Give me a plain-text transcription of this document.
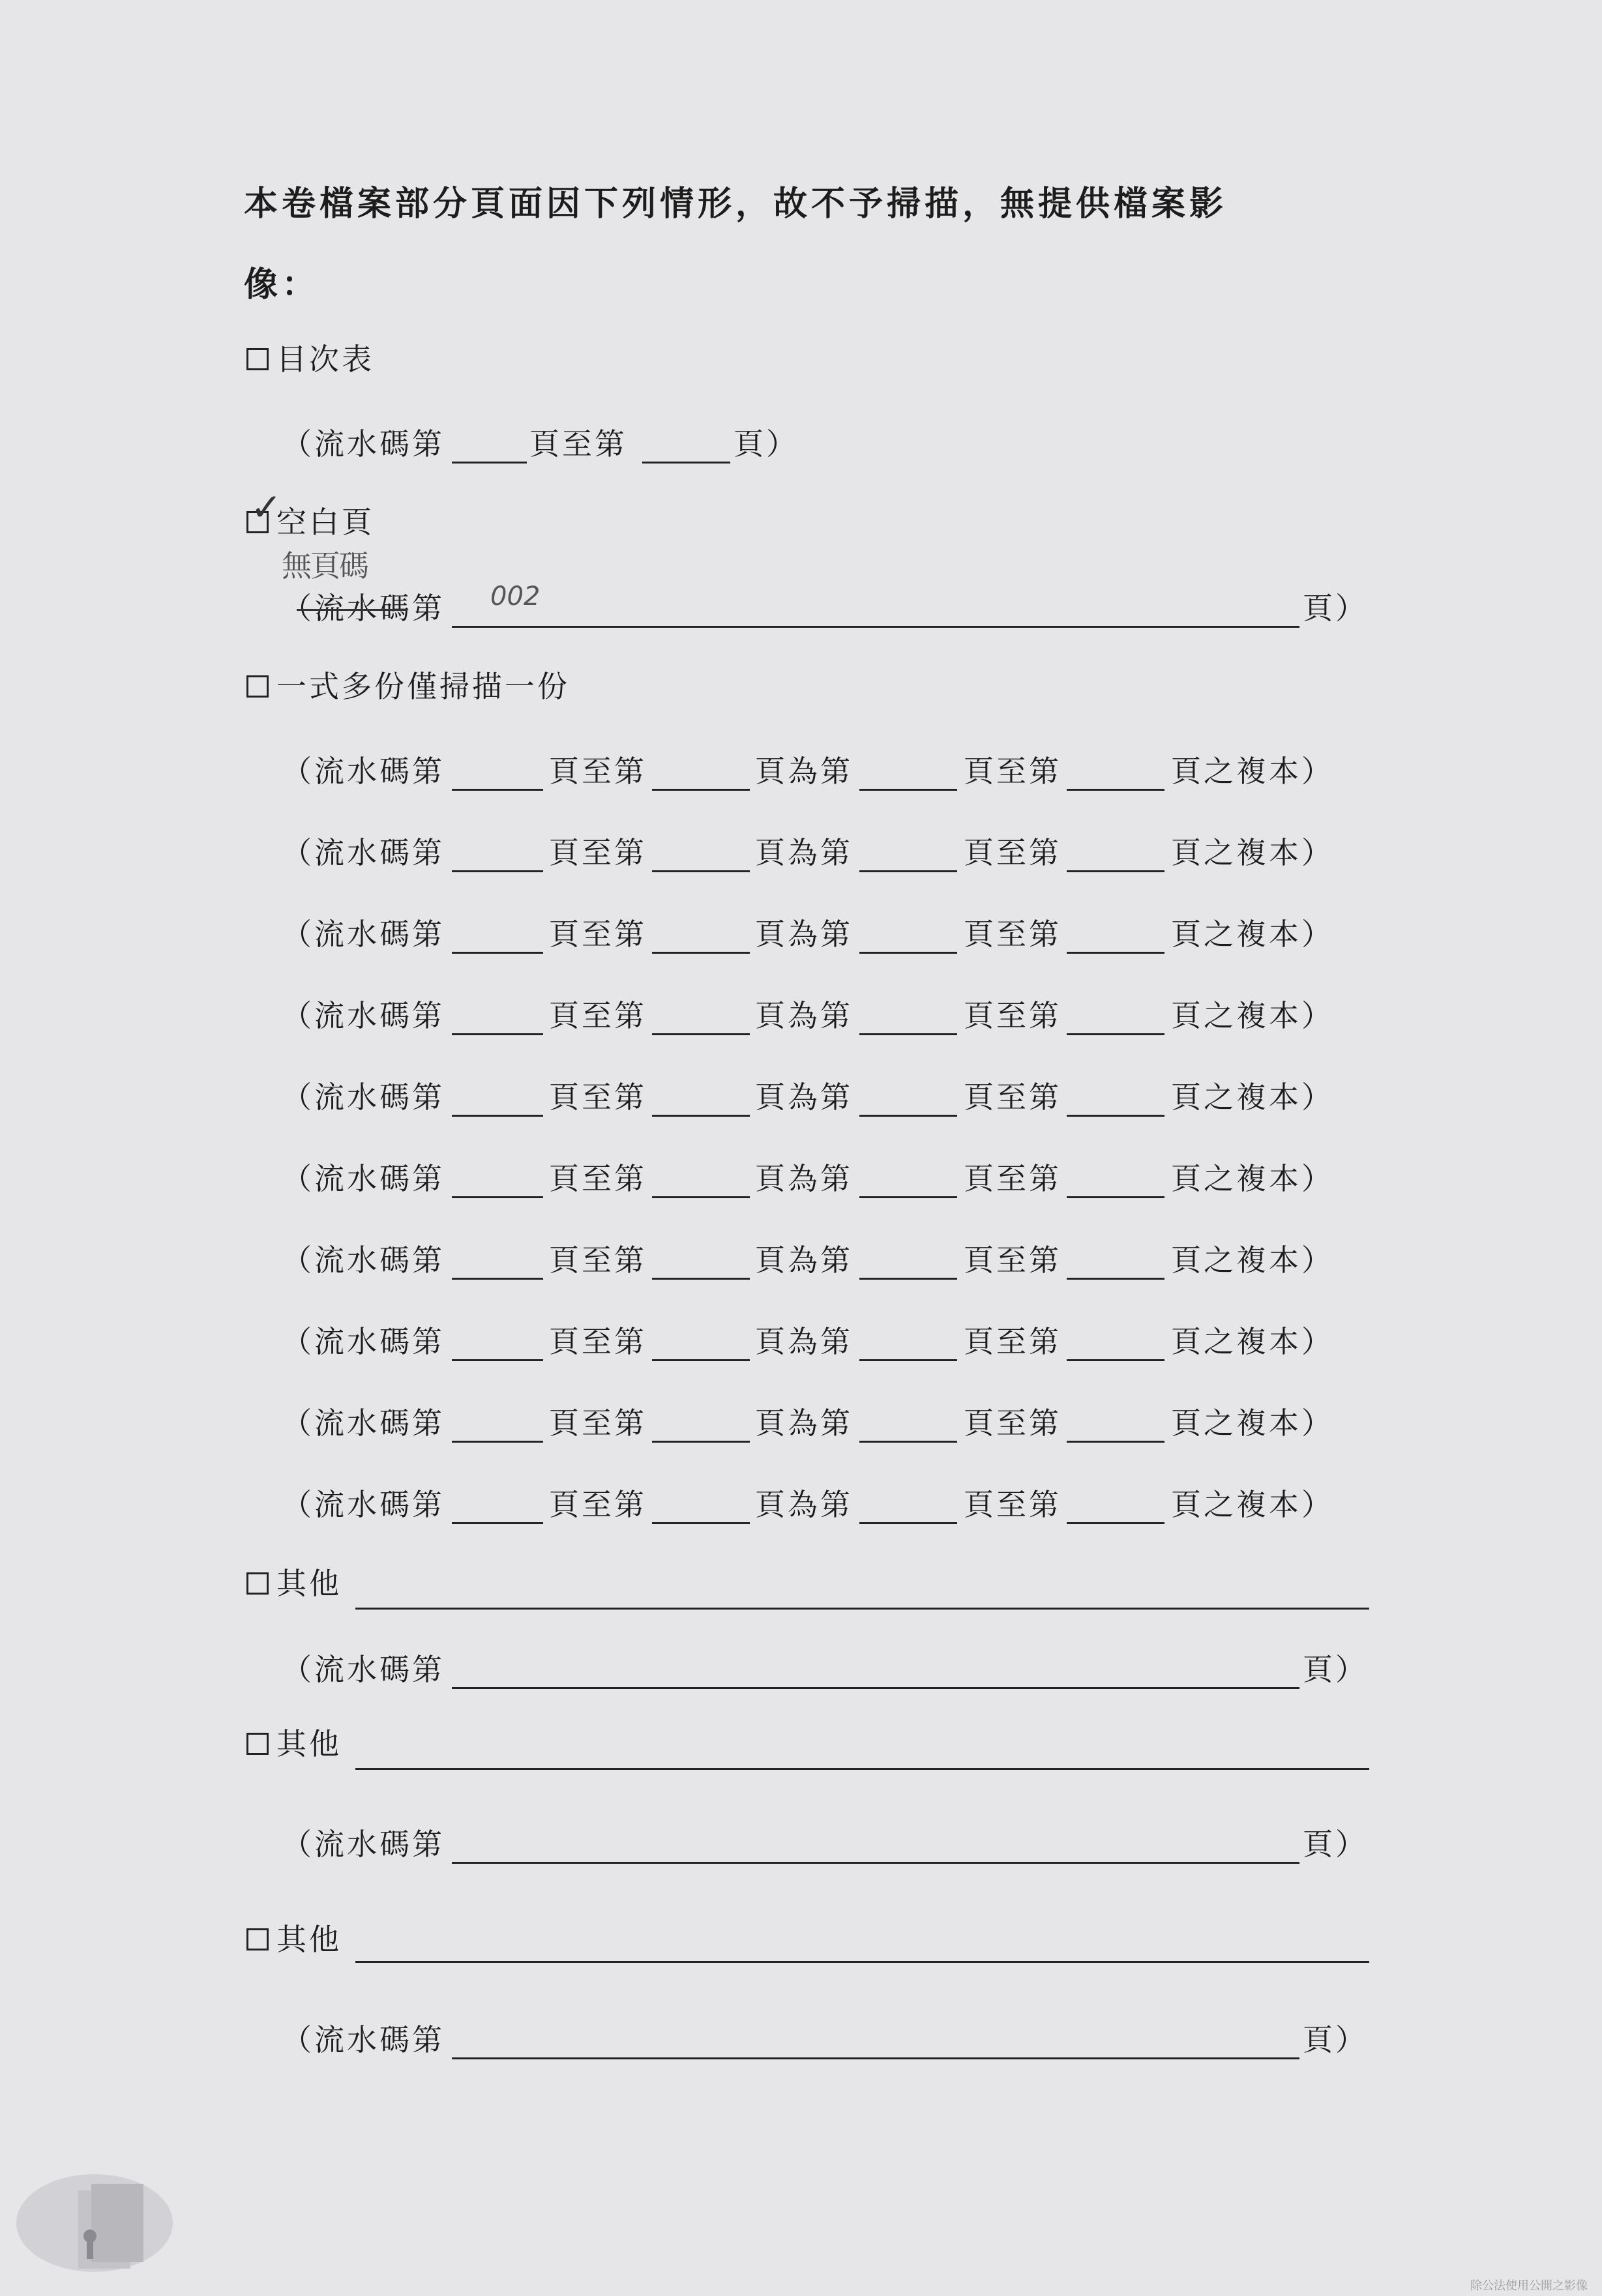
本卷檔案部分頁面因下列情形，故不予掃描，無提供檔案影
像：
目次表
（流水碼第	頁至第	頁）
✓
空白頁
無頁碼
（流水碼第 002	頁）
一式多份僅掃描一份
（流水碼第	頁至第	頁為第	頁至第	頁之複本）
（流水碼第	頁至第	頁為第	頁至第	頁之複本）
（流水碼第	頁至第	頁為第	頁至第	頁之複本）
（流水碼第	頁至第	頁為第	頁至第	頁之複本）
（流水碼第	頁至第	頁為第	頁至第	頁之複本）
（流水碼第	頁至第	頁為第	頁至第	頁之複本）
（流水碼第	頁至第	頁為第	頁至第	頁之複本）
（流水碼第	頁至第	頁為第	頁至第	頁之複本）
（流水碼第	頁至第	頁為第	頁至第	頁之複本）
（流水碼第	頁至第	頁為第	頁至第	頁之複本）
其他
（流水碼第	頁）
其他
（流水碼第	頁）
其他
（流水碼第	頁）
除公法使用公開之影像
